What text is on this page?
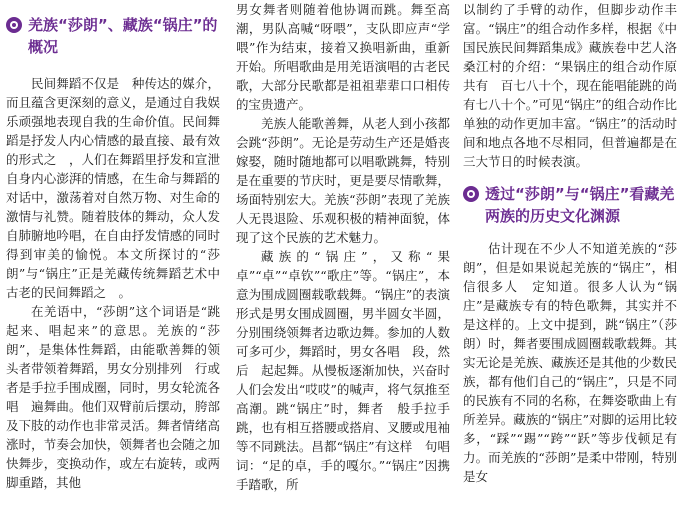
羌族“莎朗”、藏族“锅庄”的概况

民间舞蹈不仅是　种传达的媒介，而且蕴含更深刻的意义，是通过自我娱乐顽强地表现自我的生命价值。民间舞蹈是抒发人内心情感的最直接、最有效的形式之　，人们在舞蹈里抒发和宣泄自身内心澎湃的情感，在生命与舞蹈的对话中，激荡着对自然万物、对生命的激情与礼赞。随着肢体的舞动，众人发自肺腑地吟唱，在自由抒发情感的同时得到审美的愉悦。本文所探讨的“莎朗”与“锅庄”正是羌藏传统舞蹈艺术中古老的民间舞蹈之　。

在羌语中，“莎朗”这个词语是“跳起来、唱起来”的意思。羌族的“莎朗”，是集体性舞蹈，由能歌善舞的领头者带领着舞蹈，男女分别排列　行或者是手拉手围成圈，同时，男女轮流各唱　遍舞曲。他们双臂前后摆动，胯部及下肢的动作也非常灵活。舞者情绪高涨时，节奏会加快，领舞者也会随之加快舞步，变换动作，或左右旋转，或两脚重踏，其他

男女舞者则随着他协调而跳。舞至高潮，男队高喊“呀喂”，支队即应声“学喂”作为结束，接着又换唱新曲，重新开始。所唱歌曲是用羌语演唱的古老民歌，大部分民歌都是祖祖辈辈口口相传的宝贵遗产。

羌族人能歌善舞，从老人到小孩都会跳“莎朗”。无论是劳动生产还是婚丧嫁娶，随时随地都可以唱歌跳舞，特别是在重要的节庆时，更是要尽情歌舞，场面特别宏大。羌族“莎朗”表现了羌族人无畏退险、乐观积极的精神面貌，体现了这个民族的艺术魅力。

藏族的“锅庄”，又称“果卓”“卓”“卓钦”“歌庄”等。“锅庄”，本意为围成圆圈载歌载舞。“锅庄”的表演形式是男女围成圆圈，男半圆女半圆，分别围绕领舞者边歌边舞。参加的人数可多可少，舞蹈时，男女各唱　段，然后　起起舞。从慢板逐渐加快，兴奋时人们会发出“哎哎”的喊声，将气氛推至高潮。跳“锅庄”时，舞者　般手拉手跳，也有相互搭腰或搭肩、叉腰或甩袖等不同跳法。昌都“锅庄”有这样　句唱词：“足的卓，手的嘎尔。”“锅庄”因携手踏歌，所

以制约了手臂的动作，但脚步动作丰富。“锅庄”的组合动作多样，根据《中国民族民间舞蹈集成》藏族卷中艺人洛桑江村的介绍：“果锅庄的组合动作原共有　百七八十个，现在能唱能跳的尚有七八十个。”可见“锅庄”的组合动作比单独的动作更加丰富。“锅庄”的活动时间和地点各地不尽相同，但普遍都是在三大节日的时候表演。

透过“莎朗”与“锅庄”看藏羌两族的历史文化渊源

估计现在不少人不知道羌族的“莎朗”，但是如果说起羌族的“锅庄”，相信很多人　定知道。很多人认为“锅庄”是藏族专有的特色歌舞，其实并不是这样的。上文中提到，跳“锅庄”（莎朗）时，舞者要围成圆圈载歌载舞。其实无论是羌族、藏族还是其他的少数民族，都有他们自己的“锅庄”，只是不同的民族有不同的名称，在舞姿歌曲上有所差异。藏族的“锅庄”对脚的运用比较多，“踩”“踢”“跨”“跃”等步伐顿足有力。而羌族的“莎朗”是柔中带刚，特别是女
